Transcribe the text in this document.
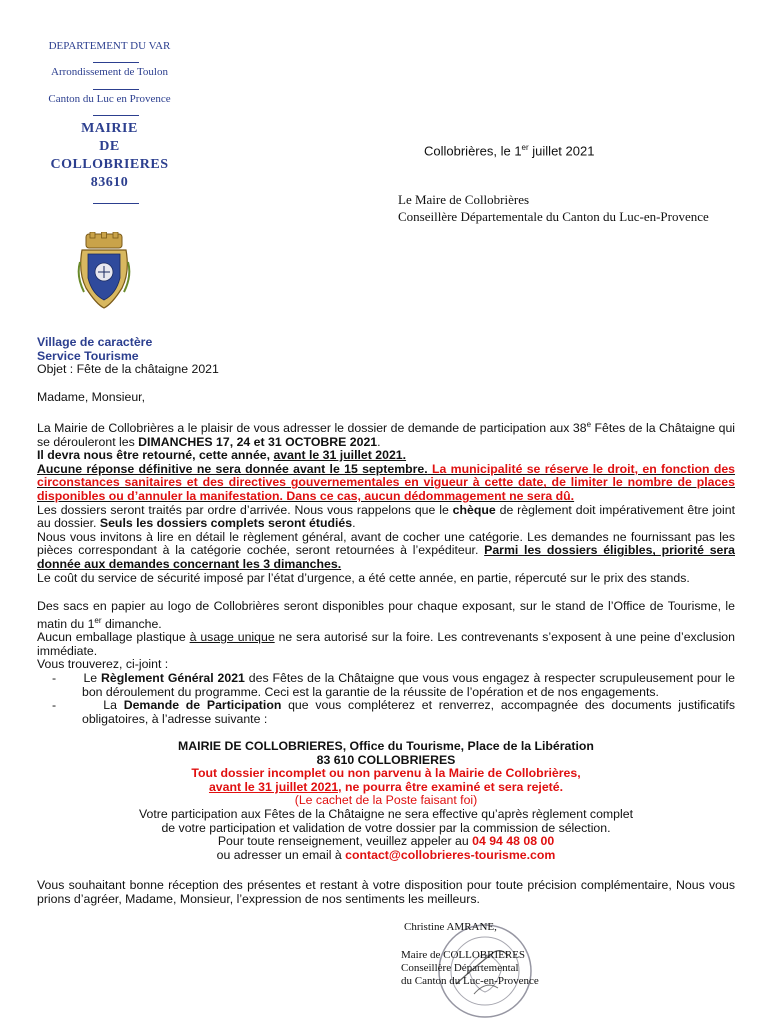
DEPARTEMENT DU VAR
Arrondissement de Toulon
Canton du Luc en Provence
MAIRIE
DE
COLLOBRIERES
83610
Collobrières, le 1er juillet 2021
Le Maire de Collobrières
Conseillère Départementale du Canton du Luc-en-Provence
Village de caractère
Service Tourisme
Objet : Fête de la châtaigne 2021
Madame, Monsieur,

La Mairie de Collobrières a le plaisir de vous adresser le dossier de demande de participation aux 38e Fêtes de la Châtaigne qui se dérouleront les DIMANCHES 17, 24 et 31 OCTOBRE 2021.

Il devra nous être retourné, cette année, avant le 31 juillet 2021.

Aucune réponse définitive ne sera donnée avant le 15 septembre. La municipalité se réserve le droit, en fonction des circonstances sanitaires et des directives gouvernementales en vigueur à cette date, de limiter le nombre de places disponibles ou d’annuler la manifestation. Dans ce cas, aucun dédommagement ne sera dû.

Les dossiers seront traités par ordre d’arrivée. Nous vous rappelons que le chèque de règlement doit impérativement être joint au dossier. Seuls les dossiers complets seront étudiés.

Nous vous invitons à lire en détail le règlement général, avant de cocher une catégorie. Les demandes ne fournissant pas les pièces correspondant à la catégorie cochée, seront retournées à l’expéditeur. Parmi les dossiers éligibles, priorité sera donnée aux demandes concernant les 3 dimanches.

Le coût du service de sécurité imposé par l’état d’urgence, a été cette année, en partie, répercuté sur le prix des stands.

Des sacs en papier au logo de Collobrières seront disponibles pour chaque exposant, sur le stand de l’Office de Tourisme, le matin du 1er dimanche.

Aucun emballage plastique à usage unique ne sera autorisé sur la foire. Les contrevenants s’exposent à une peine d’exclusion immédiate.

Vous trouverez, ci-joint :

- Le Règlement Général 2021 des Fêtes de la Châtaigne que vous vous engagez à respecter scrupuleusement pour le bon déroulement du programme. Ceci est la garantie de la réussite de l’opération et de nos engagements.

-	La Demande de Participation que vous compléterez et renverrez, accompagnée des documents justificatifs obligatoires, à l’adresse suivante :

MAIRIE DE COLLOBRIERES, Office du Tourisme, Place de la Libération
83 610 COLLOBRIERES
Tout dossier incomplet ou non parvenu à la Mairie de Collobrières,
avant le 31 juillet 2021, ne pourra être examiné et sera rejeté.
(Le cachet de la Poste faisant foi)
Votre participation aux Fêtes de la Châtaigne ne sera effective qu’après règlement complet
de votre participation et validation de votre dossier par la commission de sélection.
Pour toute renseignement, veuillez appeler au 04 94 48 08 00
ou adresser un email à contact@collobrieres-tourisme.com
Vous souhaitant bonne réception des présentes et restant à votre disposition pour toute précision complémentaire, Nous vous prions d’agréer, Madame, Monsieur, l’expression de nos sentiments les meilleurs.
Christine AMRANE,
Maire de COLLOBRIERES
Conseillère Départemental
du Canton du Luc-en-Provence
